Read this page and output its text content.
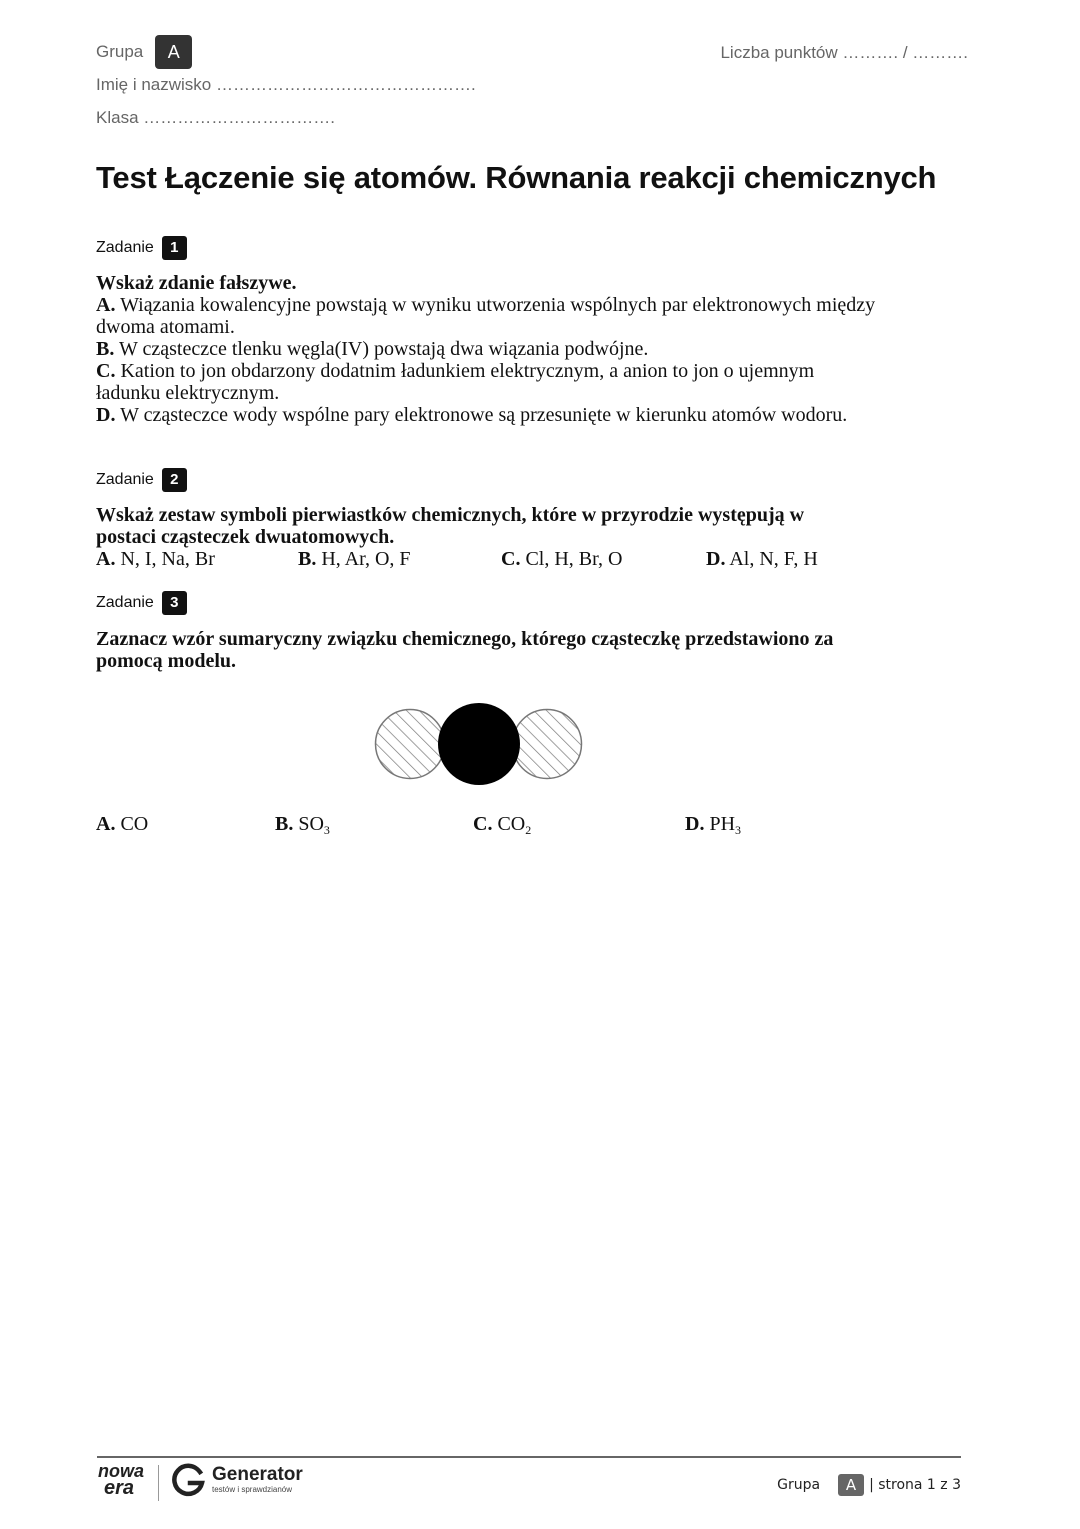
Grupa	A	Liczba punktów ………. / ……….
Imię i nazwisko ……………………………………….
Klasa …………………………….
Test Łączenie się atomów. Równania reakcji chemicznych
Zadanie	1

Wskaż zdanie fałszywe.

A. Wiązania kowalencyjne powstają w wyniku utworzenia wspólnych par elektronowych między dwoma atomami.

B. W cząsteczce tlenku węgla(IV) powstają dwa wiązania podwójne.

C. Kation to jon obdarzony dodatnim ładunkiem elektrycznym, a anion to jon o ujemnym ładunku elektrycznym.

D. W cząsteczce wody wspólne pary elektronowe są przesunięte w kierunku atomów wodoru.

Zadanie	2

Wskaż zestaw symboli pierwiastków chemicznych, które w przyrodzie występują w postaci cząsteczek dwuatomowych.

A. N, I, Na, Br	B. H, Ar, O, F	C. Cl, H, Br, O	D. Al, N, F, H
Zadanie	3

Zaznacz wzór sumaryczny związku chemicznego, którego cząsteczkę przedstawiono za pomocą modelu.

A. CO	B. $SO_3$	C. $CO_2$	D. $PH_3$
nowa
era
Generator
testów i sprawdzianów	Grupa	A | strona 1 z 3
